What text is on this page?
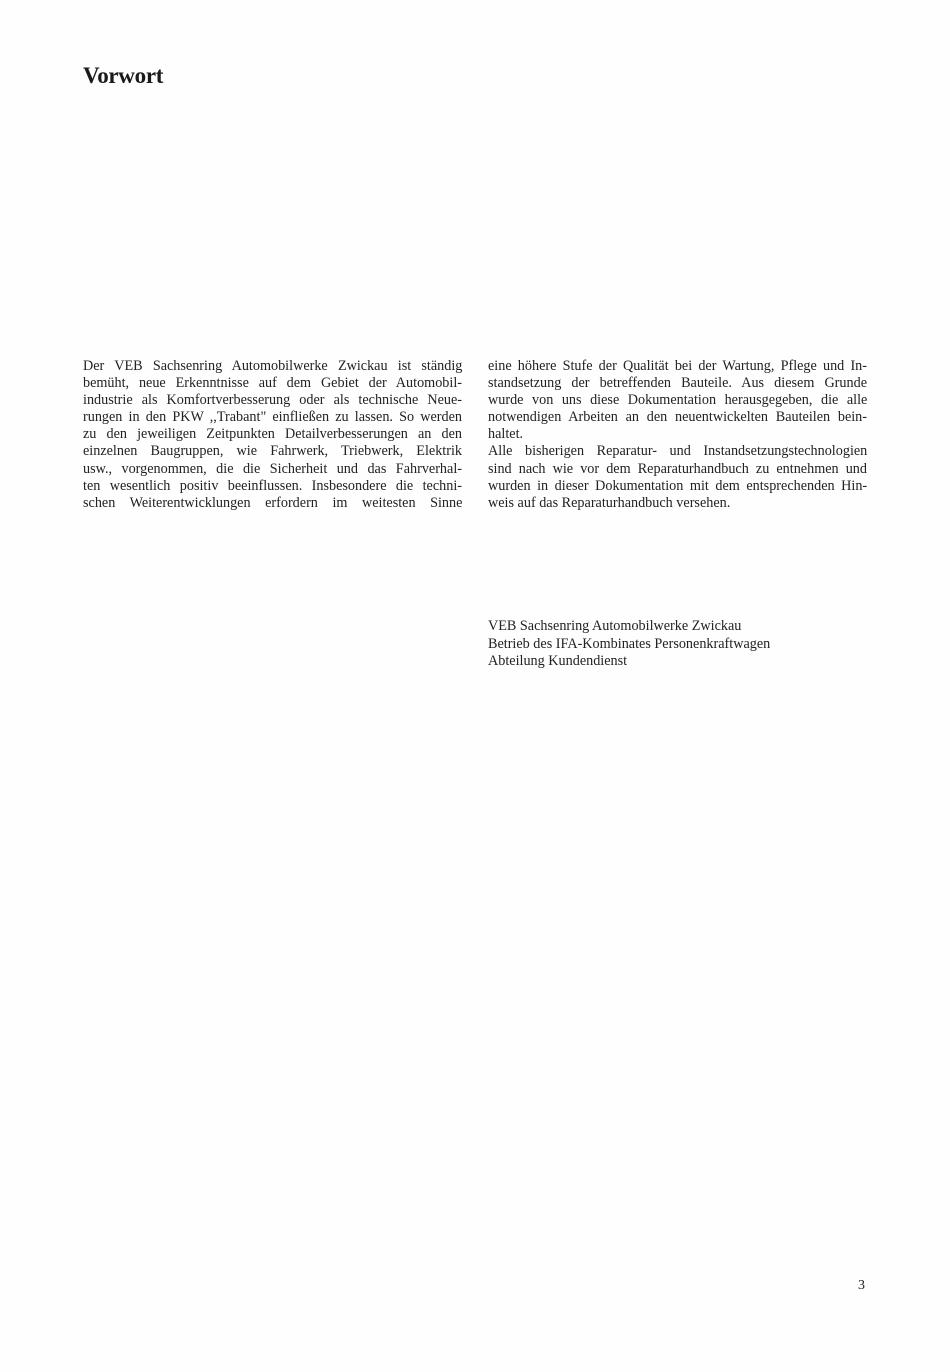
Vorwort
Der VEB Sachsenring Automobilwerke Zwickau ist ständig
bemüht, neue Erkenntnisse auf dem Gebiet der Automobil-
industrie als Komfortverbesserung oder als technische Neue-
rungen in den PKW ,,Trabant" einfließen zu lassen. So werden
zu den jeweiligen Zeitpunkten Detailverbesserungen an den
einzelnen Baugruppen, wie Fahrwerk, Triebwerk, Elektrik
usw., vorgenommen, die die Sicherheit und das Fahrverhal-
ten wesentlich positiv beeinflussen. Insbesondere die techni-
schen Weiterentwicklungen erfordern im weitesten Sinne
eine höhere Stufe der Qualität bei der Wartung, Pflege und In-
standsetzung der betreffenden Bauteile. Aus diesem Grunde
wurde von uns diese Dokumentation herausgegeben, die alle
notwendigen Arbeiten an den neuentwickelten Bauteilen bein-
haltet.
Alle bisherigen Reparatur- und Instandsetzungstechnologien
sind nach wie vor dem Reparaturhandbuch zu entnehmen und
wurden in dieser Dokumentation mit dem entsprechenden Hin-
weis auf das Reparaturhandbuch versehen.
VEB Sachsenring Automobilwerke Zwickau
Betrieb des IFA-Kombinates Personenkraftwagen
Abteilung Kundendienst
3
